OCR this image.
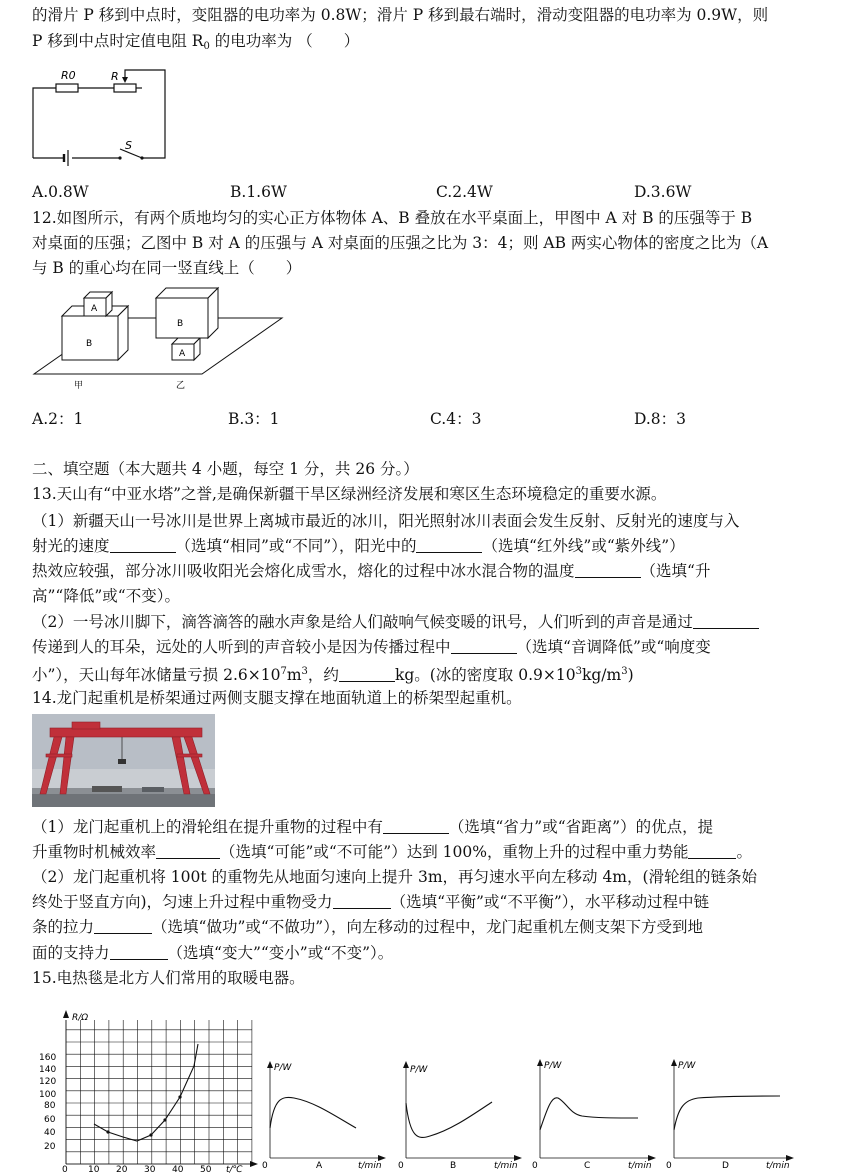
的滑片 P 移到中点时，变阻器的电功率为 0.8W；滑片 P 移到最右端时，滑动变阻器的电功率为 0.9W，则
P 移到中点时定值电阻 $R_0$ 的电功率为 （　　）
R0	R
S
A.0.8W	B.1.6W	C.2.4W	D.3.6W
12.如图所示，有两个质地均匀的实心正方体物体 A、B 叠放在水平桌面上，甲图中 A 对 B 的压强等于 B
对桌面的压强；乙图中 B 对 A 的压强与 A 对桌面的压强之比为 3：4；则 AB 两实心物体的密度之比为（A
与 B 的重心均在同一竖直线上（　　）
A
B
B
A
甲	乙
A.2：1	B.3：1	C.4：3	D.8：3
二、填空题（本大题共 4 小题，每空 1 分，共 26 分。）
13.天山有“中亚水塔”之誉,是确保新疆干旱区绿洲经济发展和寒区生态环境稳定的重要水源。
（1）新疆天山一号冰川是世界上离城市最近的冰川，阳光照射冰川表面会发生反射、反射光的速度与入
射光的速度	（选填“相同”或“不同”），阳光中的	（选填“红外线”或“紫外线”）
热效应较强，部分冰川吸收阳光会熔化成雪水，熔化的过程中冰水混合物的温度	（选填“升
高”“降低”或“不变）。
（2）一号冰川脚下，滴答滴答的融水声象是给人们敲响气候变暖的讯号，人们听到的声音是通过
传递到人的耳朵，远处的人听到的声音较小是因为传播过程中	（选填“音调降低”或“响度变
小”），天山每年冰储量亏损 $2.6\times 10^7m^3$，约	kg。(冰的密度取 $0.9\times 10^3kg/m^3$)
14.龙门起重机是桥架通过两侧支腿支撑在地面轨道上的桥架型起重机。
（1）龙门起重机上的滑轮组在提升重物的过程中有	（选填“省力”或“省距离”）的优点，提
升重物时机械效率	（选填“可能”或“不可能”）达到 100%，重物上升的过程中重力势能	。
（2）龙门起重机将 100t 的重物先从地面匀速向上提升 3m，再匀速水平向左移动 4m，(滑轮组的链条始
终处于竖直方向)，匀速上升过程中重物受力	（选填“平衡”或“不平衡”），水平移动过程中链
条的拉力	（选填“做功”或“不做功”），向左移动的过程中，龙门起重机左侧支架下方受到地
面的支持力	（选填“变大”“变小”或“不变”）。
15.电热毯是北方人们常用的取暖电器。
R/Ω
t/℃
0
20
40
60
80
100
120
140
160
10 20 30 40 50
P/W
t/min
0	A
P/W
t/min
0	B
P/W
t/min
0	C
P/W
t/min
0	D
